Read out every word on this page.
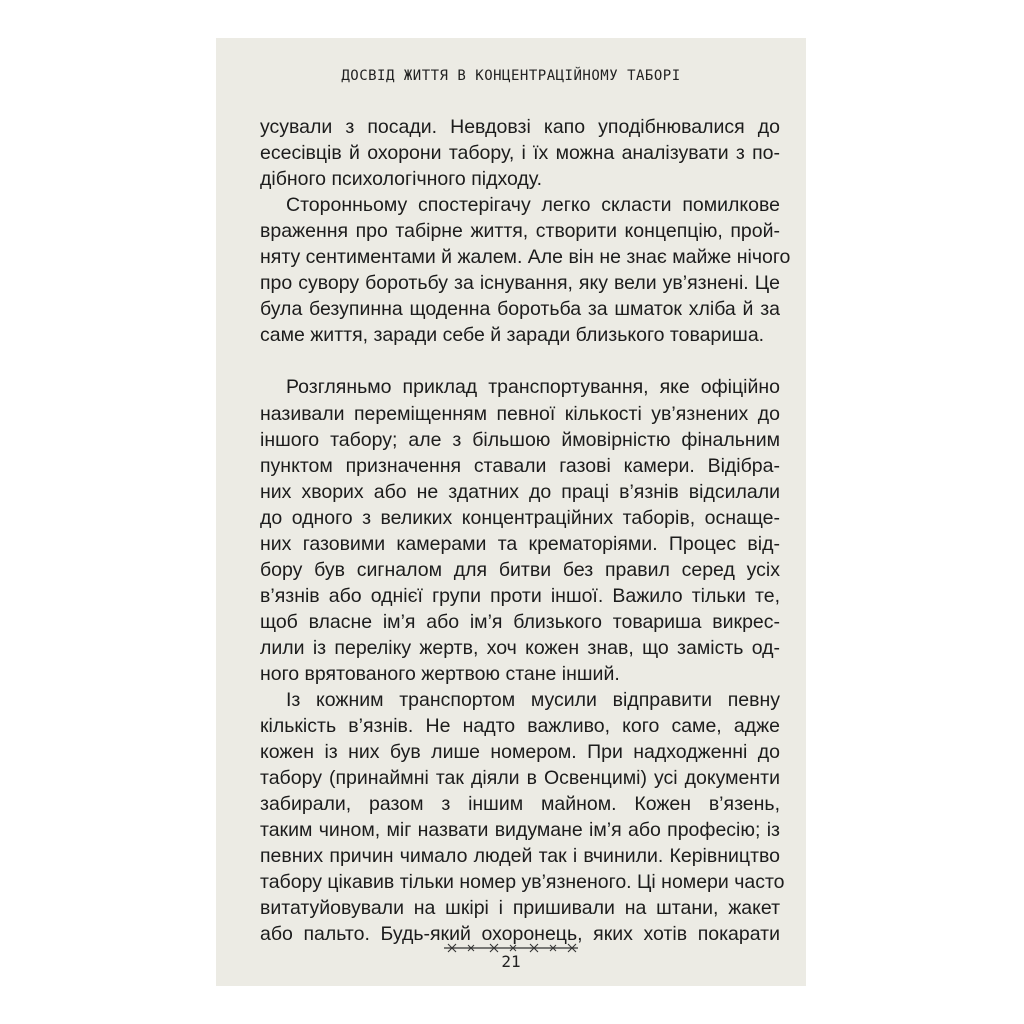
ДОСВІД ЖИТТЯ В КОНЦЕНТРАЦІЙНОМУ ТАБОРІ
усували з посади. Невдовзі капо уподібнювалися до
есесівців й охорони табору, і їх можна аналізувати з по-
дібного психологічного підходу.
Сторонньому спостерігачу легко скласти помилкове
враження про табірне життя, створити концепцію, прой-
няту сентиментами й жалем. Але він не знає майже нічого
про сувору боротьбу за існування, яку вели ув’язнені. Це
була безупинна щоденна боротьба за шматок хліба й за
саме життя, заради себе й заради близького товариша.
Розгляньмо приклад транспортування, яке офіційно
називали переміщенням певної кількості ув’язнених до
іншого табору; але з більшою ймовірністю фінальним
пунктом призначення ставали газові камери. Відібра-
них хворих або не здатних до праці в’язнів відсилали
до одного з великих концентраційних таборів, оснаще-
них газовими камерами та крематоріями. Процес від-
бору був сигналом для битви без правил серед усіх
в’язнів або однієї групи проти іншої. Важило тільки те,
щоб власне ім’я або ім’я близького товариша викрес-
лили із переліку жертв, хоч кожен знав, що замість од-
ного врятованого жертвою стане інший.
Із кожним транспортом мусили відправити певну
кількість в’язнів. Не надто важливо, кого саме, адже
кожен із них був лише номером. При надходженні до
табору (принаймні так діяли в Освенцимі) усі документи
забирали, разом з іншим майном. Кожен в’язень,
таким чином, міг назвати видумане ім’я або професію; із
певних причин чимало людей так і вчинили. Керівництво
табору цікавив тільки номер ув’язненого. Ці номери часто
витатуйовували на шкірі і пришивали на штани, жакет
або пальто. Будь-який охоронець, яких хотів покарати
21
